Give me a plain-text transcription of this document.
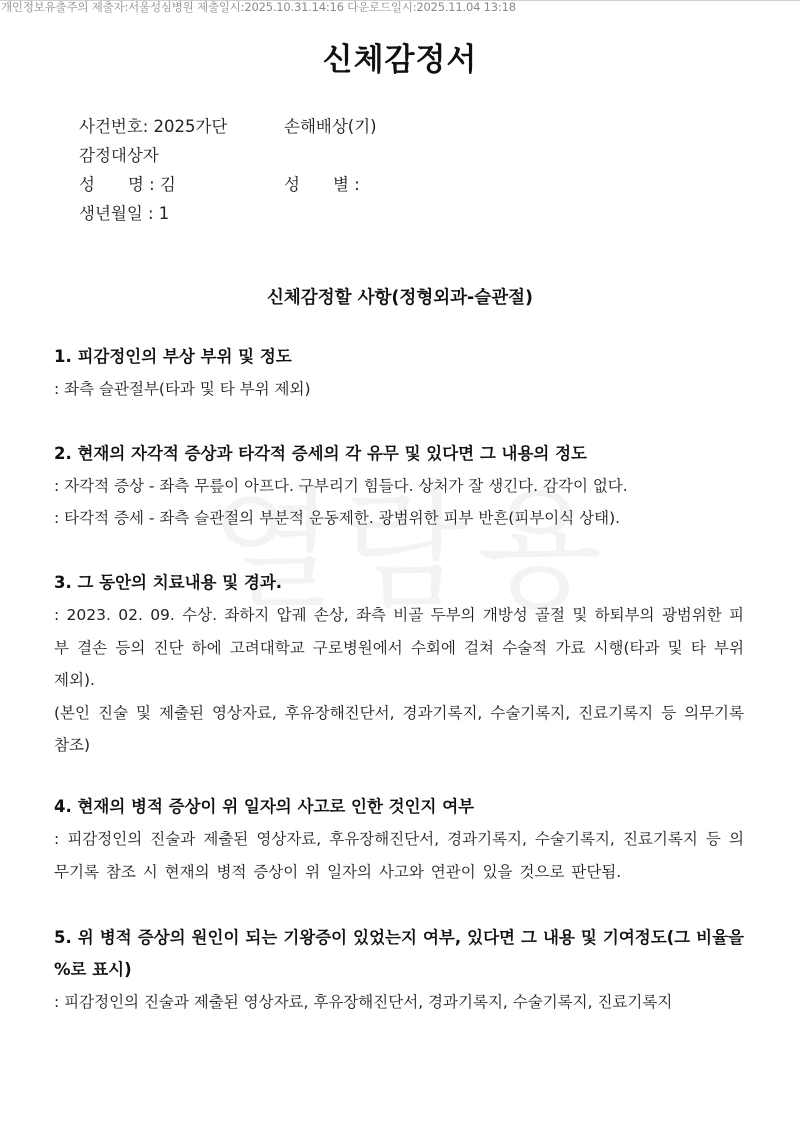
개인정보유출주의 제출자:서울성심병원 제출일시:2025.10.31.14:16 다운로드일시:2025.11.04 13:18
신체감정서
사건번호: 2025가단	손해배상(기)
감정대상자
성　　명 : 김	성　　별 :
생년월일 : 1
신체감정할 사항(정형외과-슬관절)
1. 피감정인의 부상 부위 및 정도
: 좌측 슬관절부(타과 및 타 부위 제외)
2. 현재의 자각적 증상과 타각적 증세의 각 유무 및 있다면 그 내용의 정도
: 자각적 증상 - 좌측 무릎이 아프다. 구부리기 힘들다. 상처가 잘 생긴다. 감각이 없다.
: 타각적 증세 - 좌측 슬관절의 부분적 운동제한. 광범위한 피부 반흔(피부이식 상태).
3. 그 동안의 치료내용 및 경과.
: 2023. 02. 09. 수상. 좌하지 압궤 손상, 좌측 비골 두부의 개방성 골절 및 하퇴부의 광범위한 피부 결손 등의 진단 하에 고려대학교 구로병원에서 수회에 걸쳐 수술적 가료 시행(타과 및 타 부위 제외).
(본인 진술 및 제출된 영상자료, 후유장해진단서, 경과기록지, 수술기록지, 진료기록지 등 의무기록 참조)
4. 현재의 병적 증상이 위 일자의 사고로 인한 것인지 여부
: 피감정인의 진술과 제출된 영상자료, 후유장해진단서, 경과기록지, 수술기록지, 진료기록지 등 의무기록 참조 시 현재의 병적 증상이 위 일자의 사고와 연관이 있을 것으로 판단됨.
5. 위 병적 증상의 원인이 되는 기왕증이 있었는지 여부, 있다면 그 내용 및 기여정도(그 비율을 %로 표시)
: 피감정인의 진술과 제출된 영상자료, 후유장해진단서, 경과기록지, 수술기록지, 진료기록지
